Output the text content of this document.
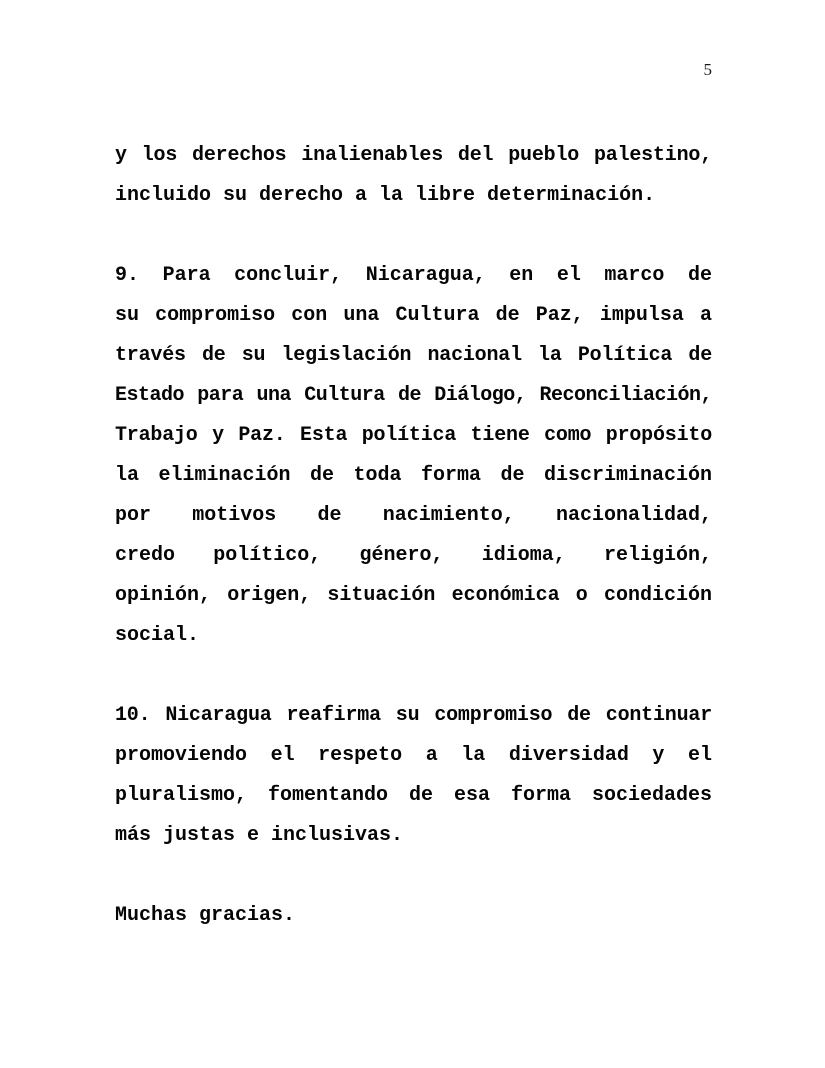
5
y los derechos inalienables del pueblo palestino,
incluido su derecho a la libre determinación.
9. Para concluir, Nicaragua, en el marco de
su compromiso con una Cultura de Paz, impulsa a
través de su legislación nacional la Política de
Estado para una Cultura de Diálogo, Reconciliación,
Trabajo y Paz. Esta política tiene como propósito
la eliminación de toda forma de discriminación
por motivos de nacimiento, nacionalidad,
credo político, género, idioma, religión,
opinión, origen, situación económica o condición
social.
10. Nicaragua reafirma su compromiso de continuar
promoviendo el respeto a la diversidad y el
pluralismo, fomentando de esa forma sociedades
más justas e inclusivas.
Muchas gracias.
